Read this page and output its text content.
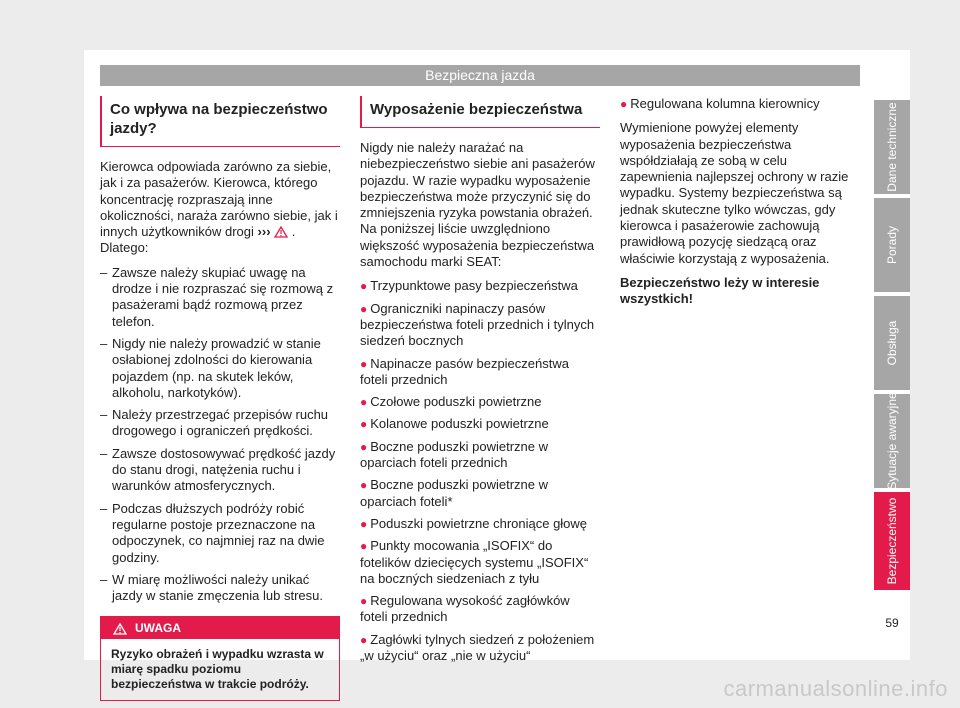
Bezpieczna jazda
Co wpływa na bezpieczeństwo jazdy?

Kierowca odpowiada zarówno za siebie, jak i za pasażerów. Kierowca, którego koncentrację rozpraszają inne okoliczności, naraża zarówno siebie, jak i innych użytkowników drogi ››› . Dlatego:

– Zawsze należy skupiać uwagę na drodze i nie rozpraszać się rozmową z pasażerami bądź rozmową przez telefon.
– Nigdy nie należy prowadzić w stanie osłabionej zdolności do kierowania pojazdem (np. na skutek leków, alkoholu, narkotyków).
– Należy przestrzegać przepisów ruchu drogowego i ograniczeń prędkości.
– Zawsze dostosowywać prędkość jazdy do stanu drogi, natężenia ruchu i warunków atmosferycznych.
– Podczas dłuższych podróży robić regularne postoje przeznaczone na odpoczynek, co najmniej raz na dwie godziny.
– W miarę możliwości należy unikać jazdy w stanie zmęczenia lub stresu.
UWAGA
Ryzyko obrażeń i wypadku wzrasta w miarę spadku poziomu bezpieczeństwa w trakcie podróży.
Wyposażenie bezpieczeństwa

Nigdy nie należy narażać na niebezpieczeństwo siebie ani pasażerów pojazdu. W razie wypadku wyposażenie bezpieczeństwa może przyczynić się do zmniejszenia ryzyka powstania obrażeń. Na poniższej liście uwzględniono większość wyposażenia bezpieczeństwa samochodu marki SEAT:

● Trzypunktowe pasy bezpieczeństwa
● Ograniczniki napinaczy pasów bezpieczeństwa foteli przednich i tylnych siedzeń bocznych
● Napinacze pasów bezpieczeństwa foteli przednich
● Czołowe poduszki powietrzne
● Kolanowe poduszki powietrzne
● Boczne poduszki powietrzne w oparciach foteli przednich
● Boczne poduszki powietrzne w oparciach foteli*
● Poduszki powietrzne chroniące głowę
● Punkty mocowania „ISOFIX“ do fotelików dziecięcych systemu „ISOFIX“ na boczných siedzeniach z tyłu
● Regulowana wysokość zagłówków foteli przednich
● Zagłówki tylnych siedzeń z położeniem „w użyciu“ oraz „nie w użyciu“

● Regulowana kolumna kierownicy

Wymienione powyżej elementy wyposażenia bezpieczeństwa współdziałają ze sobą w celu zapewnienia najlepszej ochrony w razie wypadku. Systemy bezpieczeństwa są jednak skuteczne tylko wówczas, gdy kierowca i pasażerowie zachowują prawidłową pozycję siedzącą oraz właściwie korzystają z wyposażenia.

Bezpieczeństwo leży w interesie wszystkich!

Dane techniczne
Porady
Obsługa
Sytuacje awaryjne
Bezpieczeństwo
59
carmanualsonline.info
